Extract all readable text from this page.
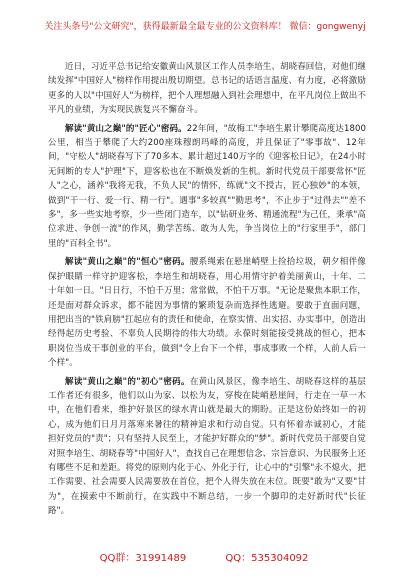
关注头条号"公文研究"，获得最新最全最专业的公文资料库！ 微信：gongwenyj

近日，习近平总书记给安徽黄山风景区工作人员李培生、胡晓春回信，对他们继续发挥"中国好人"榜样作用提出殷切期望。总书记的话语言温度、有力度，必将激励更多的人以"中国好人"为榜样，把个人理想融入到社会理想中，在平凡岗位上做出不平凡的业绩，为实现民族复兴不懈奋斗。

解读"黄山之巅"的"匠心"密码。22年间，"故梅工"李培生累计攀爬高度达1800公里，相当于攀爬了大约200座珠穆朗玛峰的高度，并且保证了"零事故"、12年间，"守松人"胡晓春写下了70多本、累计超过140万字的《迎客松日记》，在24小时无间断的专人"护理"下，迎客松也在不断焕发新的生机。新时代党员干部要常怀"匠人"之心，涵养"我将无我，不负人民"的情怀，练就"文不授古，匠心独妙"的本领，做到"干一行、爱一行、精一行"。遇事"多较真""勤思考"，不止步于"过得去""差不多"，多一些实地考察，少一些闭门造车，以"钻研业务、精通流程"为己任，秉承"高位求进、争创一流"的作风，勤学苦练、敢为人先，争当岗位上的"行家里手"，部门里的"百科全书"。

解读"黄山之巅"的"恒心"密码。腰系绳索在悬崖峭壁上捡拾垃圾，朝夕相伴像保护眼睛一样守护迎客松，李培生和胡晓春，用心用情守护着美丽黄山，十年、二十年如一日。"日日行，不怕千万里；常常做，不怕千万事。"无论是聚焦本职工作，还是面对群众诉求，都不能因为事情的繁琐复杂而选择性逃避。要敢于直面问题，用把出当的"铁肩膀"扛起应有的责任和使命，在察实情、出实招、办实事中，创造出经得起历史考验、不辜负人民期待的伟大功绩。永葆时刻能接受挑战的恒心，把本职岗位当成干事创业的平台，做到"令上台下一个样，事成事败一个样，人前人后一个样"。

解读"黄山之巅"的"初心"密码。在黄山风景区，像李培生、胡晓春这样的基层工作者还有很多，他们以山为家、以松为友，穿梭在陡峭悬崖间，行走在一草一木中，在他们看来，维护好景区的绿水青山就是最大的期盼。正是这份始终如一的初心，成为他们日月月落寒来暑往的精神追求和行动自觉。只有怀着赤诚初心，才能担好党员的"责"；只有坚持人民至上，才能护好群众的"梦"。新时代党员干部要自觉对照李培生、胡晓春等"中国好人"，查找自己在理想信念、宗旨意识、为民服务上还有哪些不足和差距。将党的原则内化于心、外化于行，让心中的"引擎"永不熄火，把工作需要、社会需要人民需要放在首位，把个人得失放在末位。既要"敢为"又要"甘为"，在摸索中不断前行，在实践中不断总结，一步一个脚印的走好新时代"长征路"。

QQ群：31991489	QQ：535304092
